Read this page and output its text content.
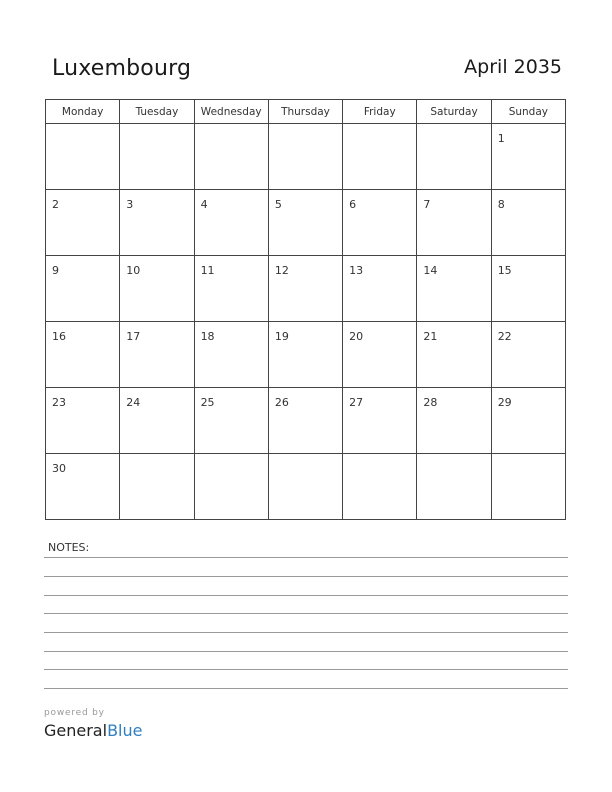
Luxembourg	April 2035
Monday	Tuesday	Wednesday	Thursday	Friday	Saturday	Sunday

						1

2	3	4	5	6	7	8

9	10	11	12	13	14	15

16	17	18	19	20	21	22

23	24	25	26	27	28	29

30						

NOTES:
powered by
GeneralBlue
